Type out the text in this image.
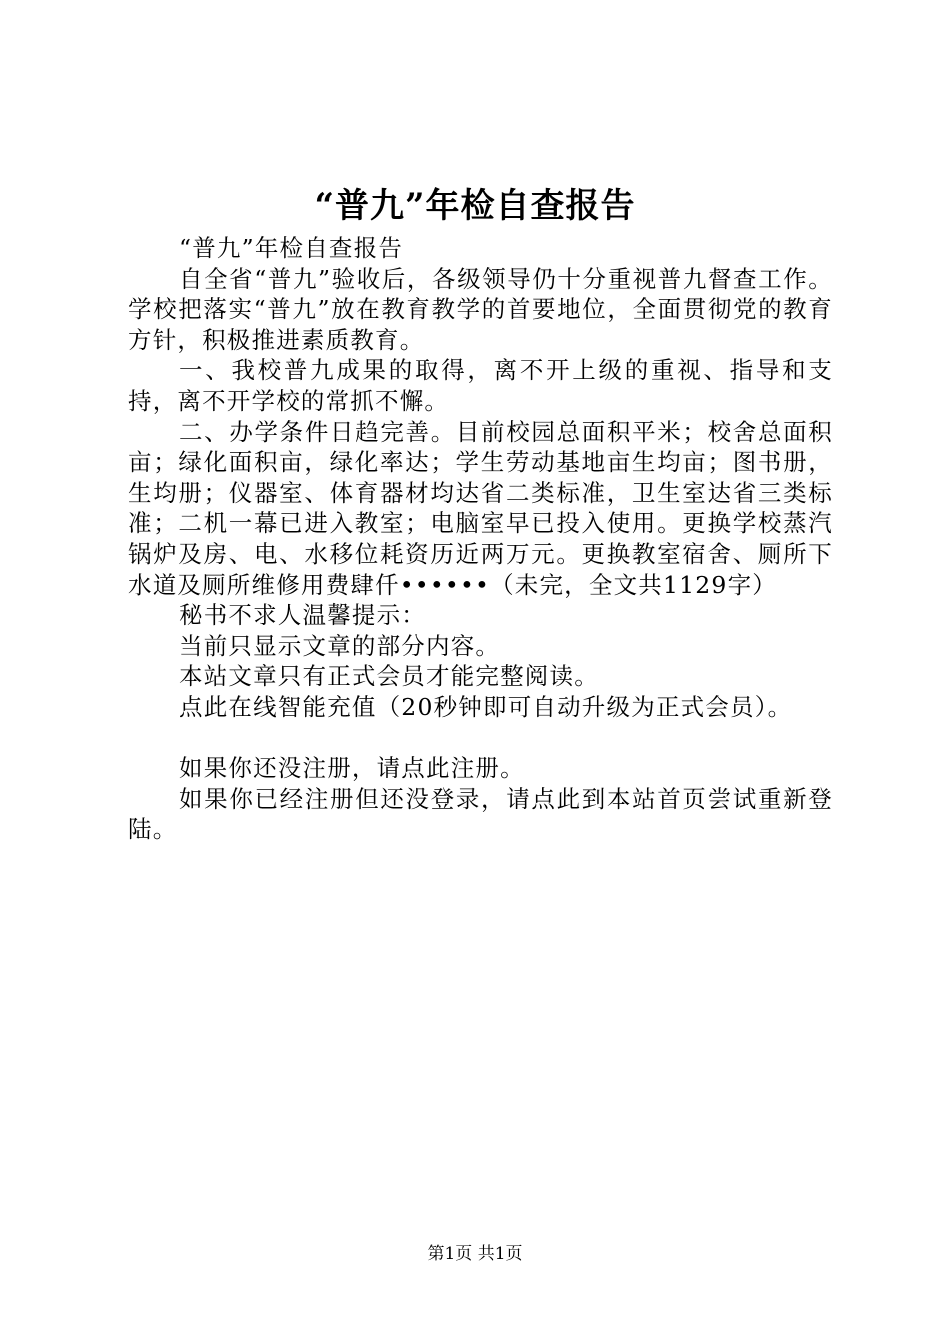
“普九”年检自查报告

“普九”年检自查报告

自全省“普九”验收后，各级领导仍十分重视普九督查工作。学校把落实“普九”放在教育教学的首要地位，全面贯彻党的教育方针，积极推进素质教育。

一、我校普九成果的取得，离不开上级的重视、指导和支持，离不开学校的常抓不懈。

二、办学条件日趋完善。目前校园总面积平米；校舍总面积亩；绿化面积亩，绿化率达；学生劳动基地亩生均亩；图书册，生均册；仪器室、体育器材均达省二类标准，卫生室达省三类标准；二机一幕已进入教室；电脑室早已投入使用。更换学校蒸汽锅炉及房、电、水移位耗资历近两万元。更换教室宿舍、厕所下水道及厕所维修用费肆仟••••••（未完，全文共1129字）

秘书不求人温馨提示：

当前只显示文章的部分内容。

本站文章只有正式会员才能完整阅读。

点此在线智能充值（20秒钟即可自动升级为正式会员）。

如果你还没注册，请点此注册。

如果你已经注册但还没登录，请点此到本站首页尝试重新登陆。

第1页 共1页
